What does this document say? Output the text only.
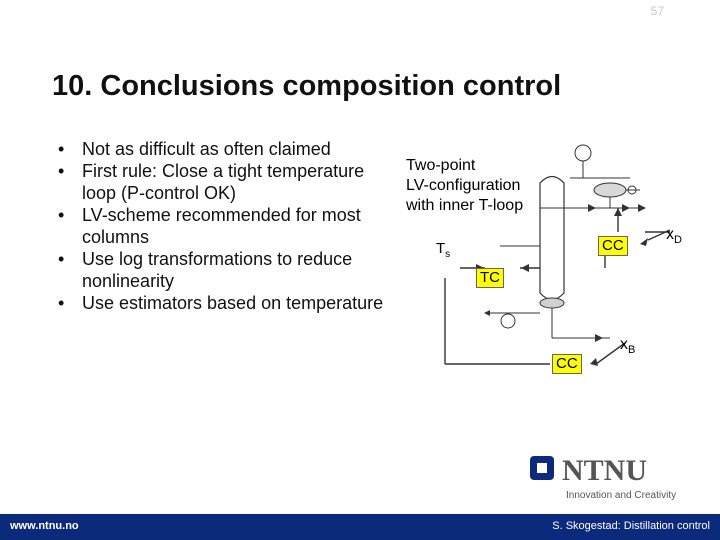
57
10. Conclusions composition control
• Not as difficult as often claimed
• First rule: Close a tight temperature loop (P-control OK)
• LV-scheme recommended for most columns
• Use log transformations to reduce nonlinearity
• Use estimators based on temperature
Two-point
LV-configuration
with inner T-loop
$T_s$
CC
TC
CC
$x_D$
$x_B$
NTNU
Innovation and Creativity
www.ntnu.no	S. Skogestad: Distillation control
